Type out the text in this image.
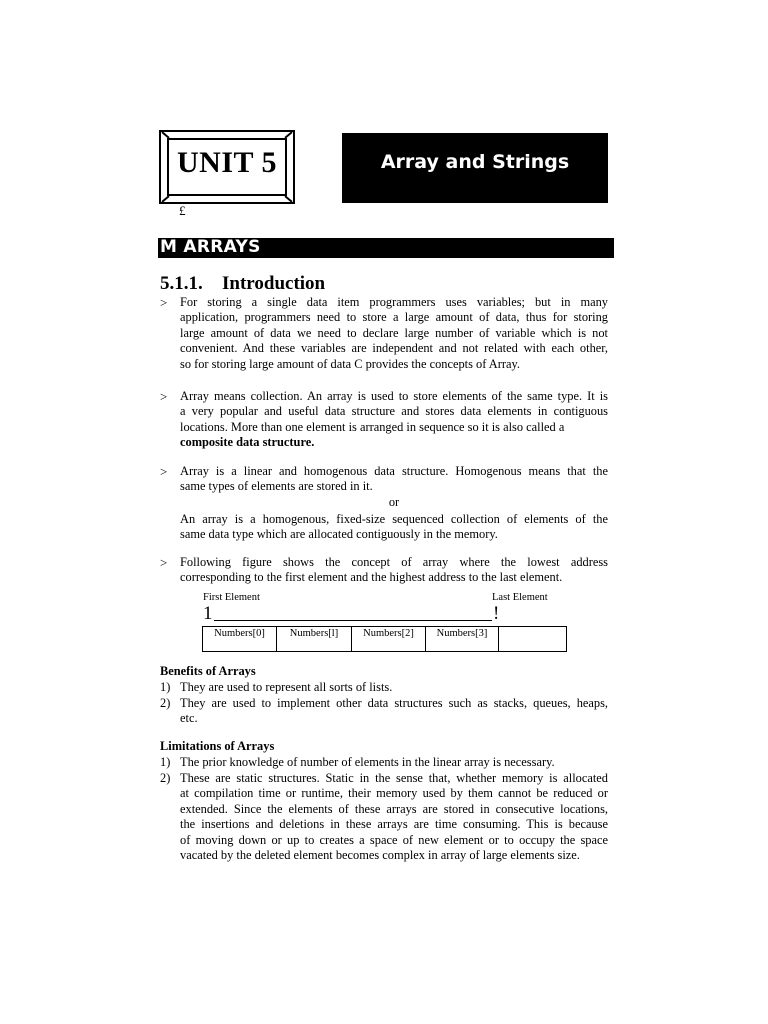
UNIT 5
£
Array and Strings
M ARRAYS
5.1.1. Introduction
> For storing a single data item programmers uses variables; but in many
application, programmers need to store a large amount of data, thus for storing
large amount of data we need to declare large number of variable which is not
convenient. And these variables are independent and not related with each other,
so for storing large amount of data C provides the concepts of Array.
> Array means collection. An array is used to store elements of the same type. It is
a very popular and useful data structure and stores data elements in contiguous
locations. More than one element is arranged in sequence so it is also called a
composite data structure.
> Array is a linear and homogenous data structure. Homogenous means that the
same types of elements are stored in it.
or
An array is a homogenous, fixed-size sequenced collection of elements of the
same data type which are allocated contiguously in the memory.
> Following figure shows the concept of array where the lowest address
corresponding to the first element and the highest address to the last element.
First Element	Last Element
1	!
Numbers[0]	Numbers[l]	Numbers[2]	Numbers[3]
Benefits of Arrays
1) They are used to represent all sorts of lists.
2) They are used to implement other data structures such as stacks, queues, heaps,
etc.
Limitations of Arrays
1) The prior knowledge of number of elements in the linear array is necessary.
2) These are static structures. Static in the sense that, whether memory is allocated
at compilation time or runtime, their memory used by them cannot be reduced or
extended. Since the elements of these arrays are stored in consecutive locations,
the insertions and deletions in these arrays are time consuming. This is because
of moving down or up to creates a space of new element or to occupy the space
vacated by the deleted element becomes complex in array of large elements size.
